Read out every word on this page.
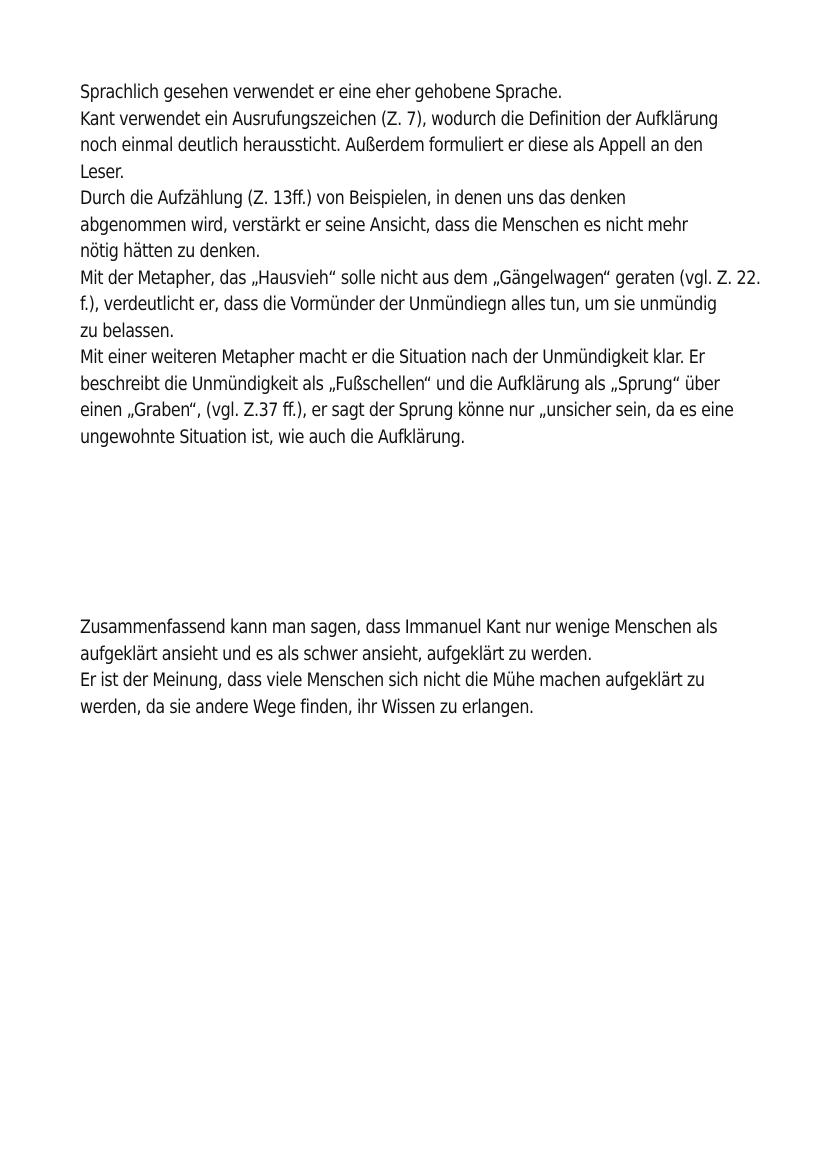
Sprachlich gesehen verwendet er eine eher gehobene Sprache.
Kant verwendet ein Ausrufungszeichen (Z. 7), wodurch die Definition der Aufklärung
noch einmal deutlich heraussticht. Außerdem formuliert er diese als Appell an den
Leser.
Durch die Aufzählung (Z. 13ff.) von Beispielen, in denen uns das denken
abgenommen wird, verstärkt er seine Ansicht, dass die Menschen es nicht mehr
nötig hätten zu denken.
Mit der Metapher, das „Hausvieh“ solle nicht aus dem „Gängelwagen“ geraten (vgl. Z. 22.
f.), verdeutlicht er, dass die Vormünder der Unmündiegn alles tun, um sie unmündig
zu belassen.
Mit einer weiteren Metapher macht er die Situation nach der Unmündigkeit klar. Er
beschreibt die Unmündigkeit als „Fußschellen“ und die Aufklärung als „Sprung“ über
einen „Graben“, (vgl. Z.37 ff.), er sagt der Sprung könne nur „unsicher sein, da es eine
ungewohnte Situation ist, wie auch die Aufklärung.
Zusammenfassend kann man sagen, dass Immanuel Kant nur wenige Menschen als
aufgeklärt ansieht und es als schwer ansieht, aufgeklärt zu werden.
Er ist der Meinung, dass viele Menschen sich nicht die Mühe machen aufgeklärt zu
werden, da sie andere Wege finden, ihr Wissen zu erlangen.
